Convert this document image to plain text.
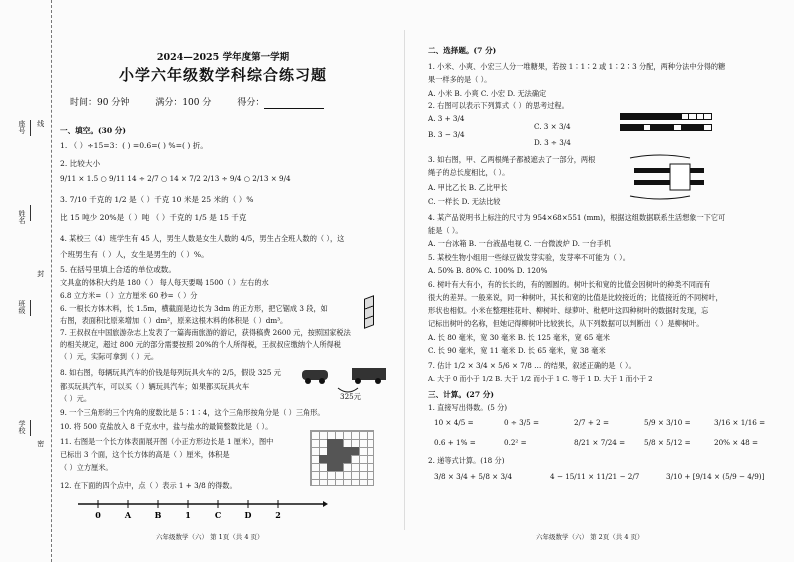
座号
姓名
班级
学校
线
封
密
2024—2025 学年度第一学期
小学六年级数学科综合练习题
时间：90 分钟	满分：100 分	得分：
一、填空。(30 分)
1. （ ）÷15=3：( ) =0.6=( ) %=( ) 折。
2. 比较大小
9/11 × 1.5 ○ 9/11 14 ÷ 2/7 ○ 14 × 7/2 2/13 ÷ 9/4 ○ 2/13 × 9/4
3. 7/10 千克的 1/2 是（ ）千克 10 米是 25 米的（ ）%
比 15 吨少 20%是（ ）吨 （ ）千克的 1/5 是 15 千克
4. 某校三（4）班学生有 45 人，男生人数是女生人数的 4/5，男生占全班人数的（ ），这
个班男生有（ ）人，女生是男生的（ ）%。
5. 在括号里填上合适的单位或数。
文具盒的体积大约是 180（ ） 每人每天要喝 1500（ ）左右的水
6.8 立方米=（ ）立方厘米 60 秒=（ ）分
6. 一根长方体木料，长 1.5m，横截面是边长为 3dm 的正方形，把它锯成 3 段，如
右图，表面积比原来增加（ ）dm²，原来这根木料的体积是（ ）dm³。
7. 王叔叔在中国旅游杂志上发表了一篇海南旅游的游记，获得稿费 2600 元，按照国家税法
的相关规定，超过 800 元的部分需要按照 20%的个人所得税，王叔叔应缴纳个人所得税
（ ）元，实际可拿到（ ）元。
8. 如右图，每辆玩具汽车的价钱是每列玩具火车的 2/5，假设 325 元
都买玩具汽车，可以买（ ）辆玩具汽车；如果都买玩具火车
（ ）元。	325元
9. 一个三角形的三个内角的度数比是 5∶1∶4，这个三角形按角分是（ ）三角形。
10. 将 500 克盐放入 8 千克水中，盐与盐水的最简整数比是（ ）。
11. 右图是一个长方体表面展开图（小正方形边长是 1 厘米），图中
已标出 3 个面，这个长方体的高是（ ）厘米，体积是
（ ）立方厘米。
12. 在下面的四个点中，点（ ）表示 1 + 3/8 的得数。
0	A	B	1	C	D	2
六年级数学（六） 第 1页（共 4 页）
二、选择题。(7 分)
1. 小米、小爽、小宏三人分一堆糖果，若按 1∶1∶2 或 1∶2∶3 分配，两种分法中分得的糖
果一样多的是（ ）。
A. 小米 B. 小爽 C. 小宏 D. 无法确定
2. 右图可以表示下列算式（ ）的思考过程。
A. 3 + 3/4
B. 3 − 3/4
C. 3 × 3/4
D. 3 ÷ 3/4
3. 如右图，甲、乙两根绳子都被遮去了一部分，两根
绳子的总长度相比，（ ）。
A. 甲比乙长 B. 乙比甲长
C. 一样长 D. 无法比较
4. 某产品说明书上标注的尺寸为 954×68×551 (mm)，根据这组数据联系生活想象一下它可
能是（ ）。
A. 一台冰箱 B. 一台液晶电视 C. 一台微波炉 D. 一台手机
5. 某校生物小组用一些绿豆做发芽实验，发芽率不可能为（ ）。
A. 50% B. 80% C. 100% D. 120%
6. 树叶有大有小，有的长长的，有的圆圆的。树叶长和宽的比值会因树叶的种类不同而有
很大的差异。一般来说，同一种树叶，其长和宽的比值是比较接近的；比值接近的不同树叶，
形状也相似。小米在整理桂花叶、柳树叶、绿萝叶、枇杷叶这四种树叶的数据时发现，忘
记标出树叶的名称，但她记得柳树叶比较狭长，从下列数据可以判断出（ ）是柳树叶。
A. 长 80 毫米，宽 30 毫米 B. 长 125 毫米，宽 65 毫米
C. 长 90 毫米，宽 11 毫米 D. 长 65 毫米，宽 38 毫米
7. 估计 1/2 × 3/4 × 5/6 × 7/8 … 的结果，叙述正确的是（ ）。
A. 大于 0 而小于 1/2 B. 大于 1/2 而小于 1 C. 等于 1 D. 大于 1 而小于 2
三、计算。(27 分)
1. 直接写出得数。(5 分)
10 × 4/5 =	0 ÷ 3/5 =	2/7 + 2 =	5/9 × 3/10 =	3/16 × 1/16 =
0.6 + 1% =	0.2² =	8/21 × 7/24 =	5/8 × 5/12 =	20% × 48 =
2. 递等式计算。(18 分)
3/8 × 3/4 + 5/8 × 3/4	4 − 15/11 × 11/21 − 2/7	3/10 + [9/14 × (5/9 − 4/9)]
六年级数学（六） 第 2页（共 4 页）
